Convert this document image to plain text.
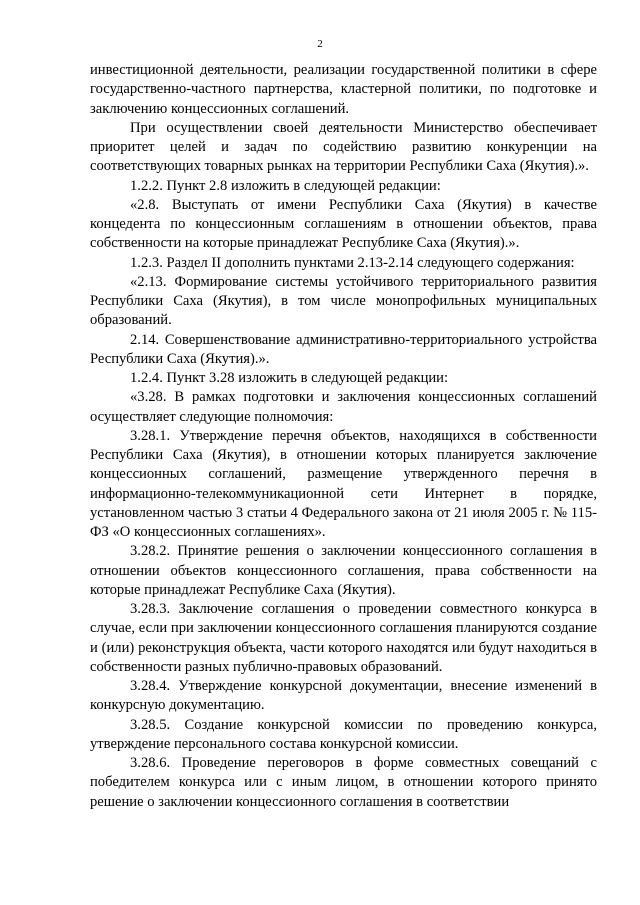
2

инвестиционной деятельности, реализации государственной политики в сфере государственно-частного партнерства, кластерной политики, по подготовке и заключению концессионных соглашений.

При осуществлении своей деятельности Министерство обеспечивает приоритет целей и задач по содействию развитию конкуренции на соответствующих товарных рынках на территории Республики Саха (Якутия).».

1.2.2. Пункт 2.8 изложить в следующей редакции:

«2.8. Выступать от имени Республики Саха (Якутия) в качестве концедента по концессионным соглашениям в отношении объектов, права собственности на которые принадлежат Республике Саха (Якутия).».

1.2.3. Раздел II дополнить пунктами 2.13-2.14 следующего содержания:

«2.13. Формирование системы устойчивого территориального развития Республики Саха (Якутия), в том числе монопрофильных муниципальных образований.

2.14. Совершенствование административно-территориального устройства Республики Саха (Якутия).».

1.2.4. Пункт 3.28 изложить в следующей редакции:

«3.28. В рамках подготовки и заключения концессионных соглашений осуществляет следующие полномочия:

3.28.1. Утверждение перечня объектов, находящихся в собственности Республики Саха (Якутия), в отношении которых планируется заключение концессионных соглашений, размещение утвержденного перечня в информационно-телекоммуникационной сети Интернет в порядке, установленном частью 3 статьи 4 Федерального закона от 21 июля 2005 г. № 115-ФЗ «О концессионных соглашениях».

3.28.2. Принятие решения о заключении концессионного соглашения в отношении объектов концессионного соглашения, права собственности на которые принадлежат Республике Саха (Якутия).

3.28.3. Заключение соглашения о проведении совместного конкурса в случае, если при заключении концессионного соглашения планируются создание и (или) реконструкция объекта, части которого находятся или будут находиться в собственности разных публично-правовых образований.

3.28.4. Утверждение конкурсной документации, внесение изменений в конкурсную документацию.

3.28.5. Создание конкурсной комиссии по проведению конкурса, утверждение персонального состава конкурсной комиссии.

3.28.6. Проведение переговоров в форме совместных совещаний с победителем конкурса или с иным лицом, в отношении которого принято решение о заключении концессионного соглашения в соответствии
